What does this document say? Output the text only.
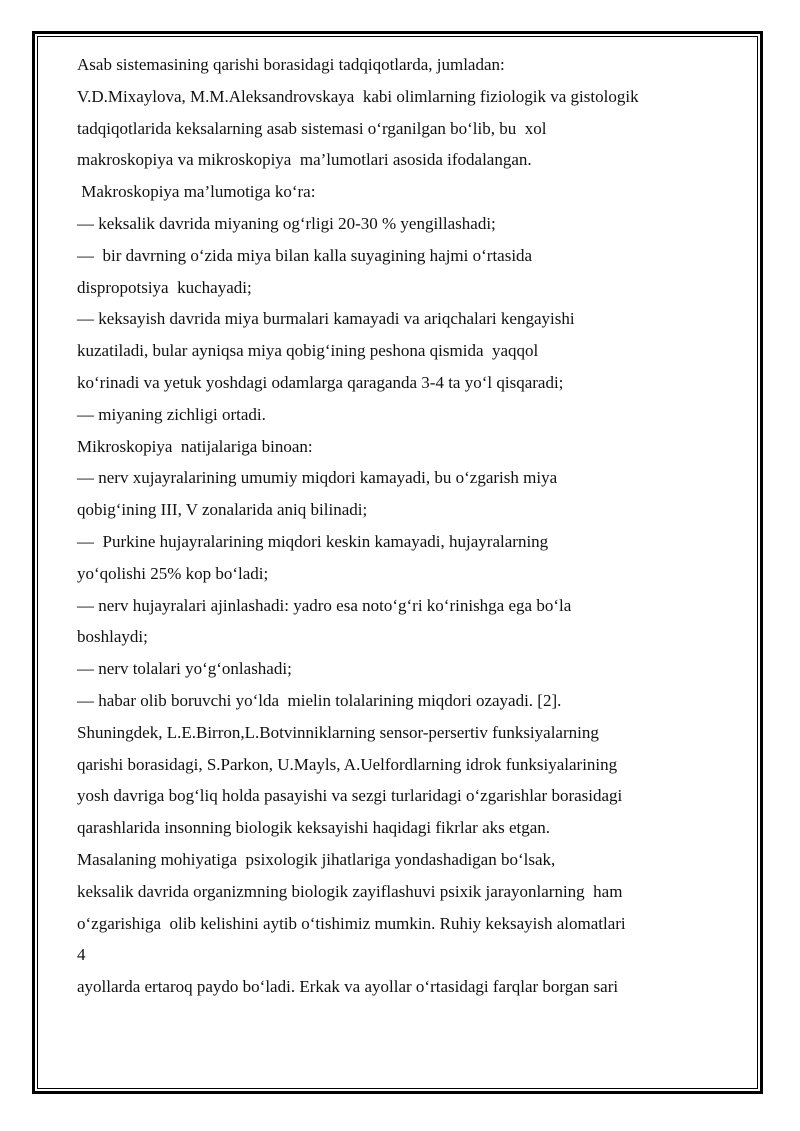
Asab sistemasining qarishi borasidagi tadqiqotlarda, jumladan:
V.D.Mixaylova, M.M.Aleksandrovskaya  kabi olimlarning fiziologik va gistologik
tadqiqotlarida keksalarning asab sistemasi o‘rganilgan bo‘lib, bu  xol
makroskopiya va mikroskopiya  ma’lumotlari asosida ifodalangan.
Makroskopiya ma’lumotiga ko‘ra:
— keksalik davrida miyaning og‘rligi 20-30 % yengillashadi;
—  bir davrning o‘zida miya bilan kalla suyagining hajmi o‘rtasida
dispropotsiya  kuchayadi;
— keksayish davrida miya burmalari kamayadi va ariqchalari kengayishi
kuzatiladi, bular ayniqsa miya qobig‘ining peshona qismida  yaqqol
ko‘rinadi va yetuk yoshdagi odamlarga qaraganda 3-4 ta yo‘l qisqaradi;
— miyaning zichligi ortadi.
Mikroskopiya  natijalariga binoan:
— nerv xujayralarining umumiy miqdori kamayadi, bu o‘zgarish miya
qobig‘ining III, V zonalarida aniq bilinadi;
—  Purkine hujayralarining miqdori keskin kamayadi, hujayralarning
yo‘qolishi 25% kop bo‘ladi;
— nerv hujayralari ajinlashadi: yadro esa noto‘g‘ri ko‘rinishga ega bo‘la
boshlaydi;
— nerv tolalari yo‘g‘onlashadi;
— habar olib boruvchi yo‘lda  mielin tolalarining miqdori ozayadi. [2].
Shuningdek, L.E.Birron,L.Botvinniklarning sensor-persertiv funksiyalarning
qarishi borasidagi, S.Parkon, U.Mayls, A.Uelfordlarning idrok funksiyalarining
yosh davriga bog‘liq holda pasayishi va sezgi turlaridagi o‘zgarishlar borasidagi
qarashlarida insonning biologik keksayishi haqidagi fikrlar aks etgan.
Masalaning mohiyatiga  psixologik jihatlariga yondashadigan bo‘lsak,
keksalik davrida organizmning biologik zayiflashuvi psixik jarayonlarning  ham
o‘zgarishiga  olib kelishini aytib o‘tishimiz mumkin. Ruhiy keksayish alomatlari
4
ayollarda ertaroq paydo bo‘ladi. Erkak va ayollar o‘rtasidagi farqlar borgan sari
